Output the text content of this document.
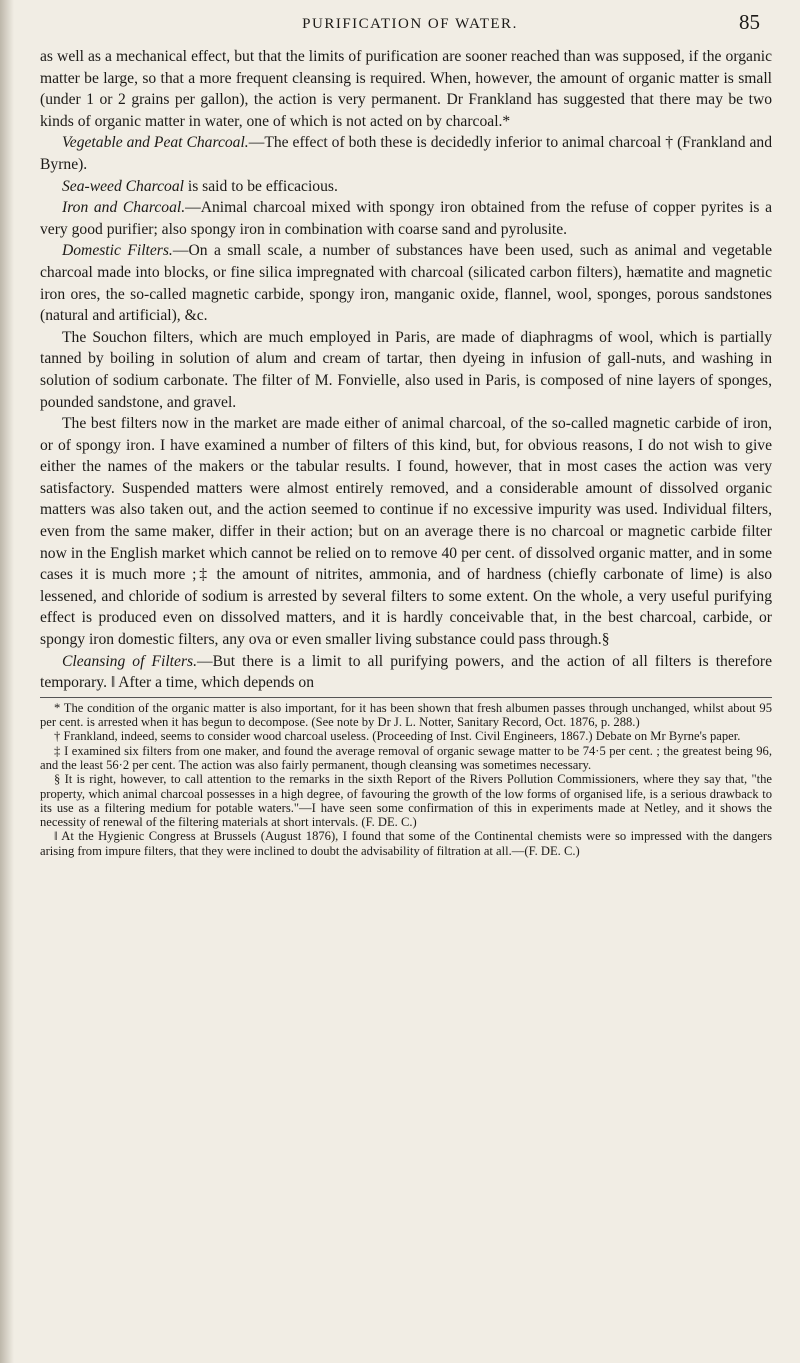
PURIFICATION OF WATER.	85

as well as a mechanical effect, but that the limits of purification are sooner reached than was supposed, if the organic matter be large, so that a more frequent cleansing is required. When, however, the amount of organic matter is small (under 1 or 2 grains per gallon), the action is very permanent. Dr Frankland has suggested that there may be two kinds of organic matter in water, one of which is not acted on by charcoal.*

Vegetable and Peat Charcoal.—The effect of both these is decidedly inferior to animal charcoal † (Frankland and Byrne).

Sea-weed Charcoal is said to be efficacious.

Iron and Charcoal.—Animal charcoal mixed with spongy iron obtained from the refuse of copper pyrites is a very good purifier; also spongy iron in combination with coarse sand and pyrolusite.

Domestic Filters.—On a small scale, a number of substances have been used, such as animal and vegetable charcoal made into blocks, or fine silica impregnated with charcoal (silicated carbon filters), hæmatite and magnetic iron ores, the so-called magnetic carbide, spongy iron, manganic oxide, flannel, wool, sponges, porous sandstones (natural and artificial), &c.

The Souchon filters, which are much employed in Paris, are made of diaphragms of wool, which is partially tanned by boiling in solution of alum and cream of tartar, then dyeing in infusion of gall-nuts, and washing in solution of sodium carbonate. The filter of M. Fonvielle, also used in Paris, is composed of nine layers of sponges, pounded sandstone, and gravel.

The best filters now in the market are made either of animal charcoal, of the so-called magnetic carbide of iron, or of spongy iron. I have examined a number of filters of this kind, but, for obvious reasons, I do not wish to give either the names of the makers or the tabular results. I found, however, that in most cases the action was very satisfactory. Suspended matters were almost entirely removed, and a considerable amount of dissolved organic matters was also taken out, and the action seemed to continue if no excessive impurity was used. Individual filters, even from the same maker, differ in their action; but on an average there is no charcoal or magnetic carbide filter now in the English market which cannot be relied on to remove 40 per cent. of dissolved organic matter, and in some cases it is much more ;‡ the amount of nitrites, ammonia, and of hardness (chiefly carbonate of lime) is also lessened, and chloride of sodium is arrested by several filters to some extent. On the whole, a very useful purifying effect is produced even on dissolved matters, and it is hardly conceivable that, in the best charcoal, carbide, or spongy iron domestic filters, any ova or even smaller living substance could pass through.§

Cleansing of Filters.—But there is a limit to all purifying powers, and the action of all filters is therefore temporary. ‖ After a time, which depends on

* The condition of the organic matter is also important, for it has been shown that fresh albumen passes through unchanged, whilst about 95 per cent. is arrested when it has begun to decompose. (See note by Dr J. L. Notter, Sanitary Record, Oct. 1876, p. 288.)

† Frankland, indeed, seems to consider wood charcoal useless. (Proceeding of Inst. Civil Engineers, 1867.) Debate on Mr Byrne's paper.

‡ I examined six filters from one maker, and found the average removal of organic sewage matter to be 74·5 per cent. ; the greatest being 96, and the least 56·2 per cent. The action was also fairly permanent, though cleansing was sometimes necessary.

§ It is right, however, to call attention to the remarks in the sixth Report of the Rivers Pollution Commissioners, where they say that, "the property, which animal charcoal possesses in a high degree, of favouring the growth of the low forms of organised life, is a serious drawback to its use as a filtering medium for potable waters."—I have seen some confirmation of this in experiments made at Netley, and it shows the necessity of renewal of the filtering materials at short intervals. (F. DE. C.)

‖ At the Hygienic Congress at Brussels (August 1876), I found that some of the Continental chemists were so impressed with the dangers arising from impure filters, that they were inclined to doubt the advisability of filtration at all.—(F. DE. C.)
